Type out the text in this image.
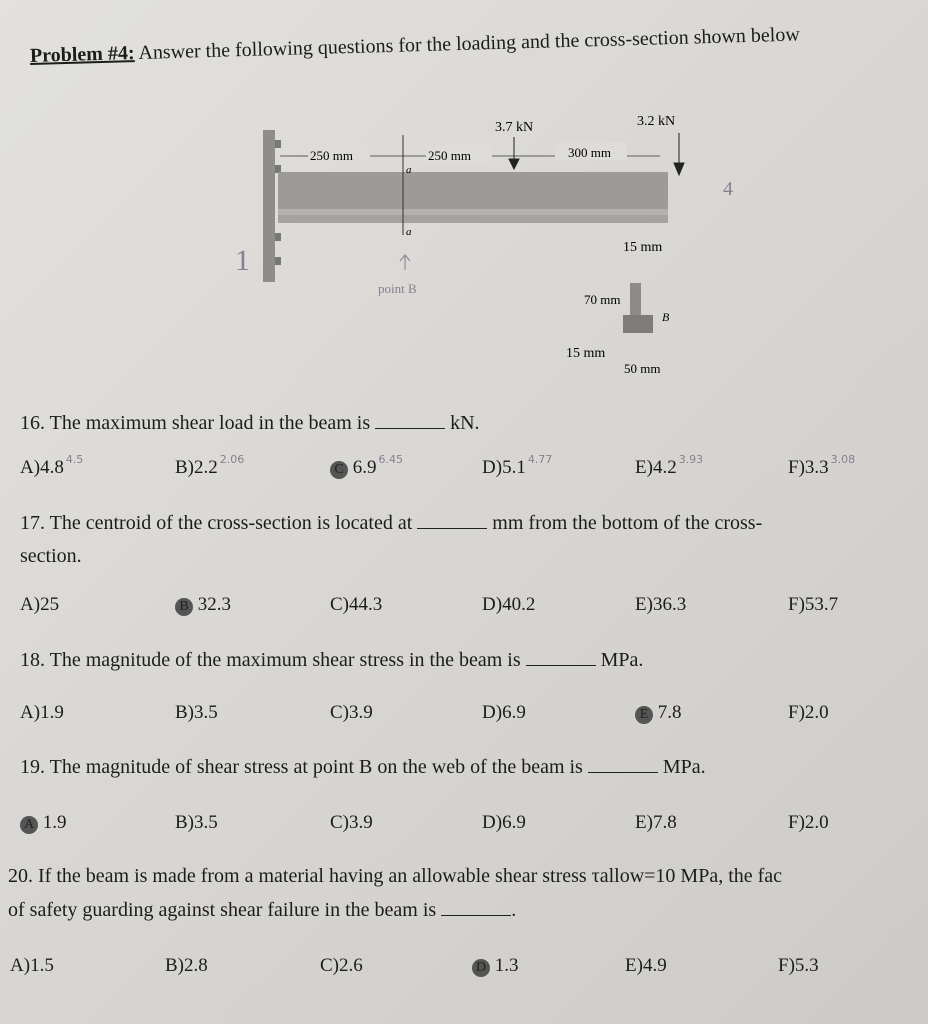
Problem #4: Answer the following questions for the loading and the cross-section shown below
250 mm	250 mm	300 mm
a
a
3.7 kN	3.2 kN
point B
1
4
15 mm
70 mm
B
15 mm
50 mm
16. The maximum shear load in the beam is	kN.
A)4.8 $^{4.5}$	B)2.2 $^{2.06}$
C 6.9 $^{6.45}$	D)5.1 $^{4.77}$	E)4.2 $^{3.93}$	F)3.3 $^{3.08}$
17. The centroid of the cross-section is located at	mm from the bottom of the cross-
section.
A)25	B 32.3	C)44.3	D)40.2	E)36.3	F)53.7
18. The magnitude of the maximum shear stress in the beam is	MPa.
A)1.9	B)3.5	C)3.9	D)6.9	E 7.8	F)2.0
19. The magnitude of shear stress at point B on the web of the beam is	MPa.
A 1.9	B)3.5	C)3.9	D)6.9	E)7.8	F)2.0
20. If the beam is made from a material having an allowable shear stress τallow=10 MPa, the fac
of safety guarding against shear failure in the beam is	.
A)1.5	B)2.8	C)2.6	D 1.3	E)4.9	F)5.3
